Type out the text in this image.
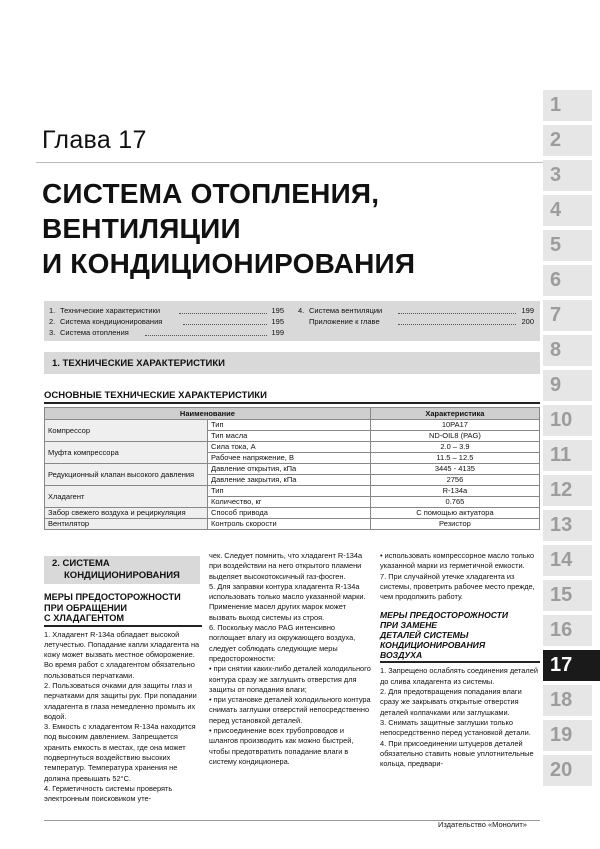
Глава 17
СИСТЕМА ОТОПЛЕНИЯ,
ВЕНТИЛЯЦИИ
И КОНДИЦИОНИРОВАНИЯ
1
2
3
4
5
6
7
8
9
10
11
12
13
14
15
16
17
18
19
20
1. Технические характеристики	195
2. Система кондиционирования	195
3. Система отопления	199
4. Система вентиляции	199
Приложение к главе	200
1. ТЕХНИЧЕСКИЕ ХАРАКТЕРИСТИКИ
ОСНОВНЫЕ ТЕХНИЧЕСКИЕ ХАРАКТЕРИСТИКИ
Наименование		Характеристика
Компрессор	Тип	10PA17
	Тип масла	ND-OIL8 (PAG)
Муфта компрессора	Сила тока, А	2.0 – 3.9
	Рабочее напряжение, В	11.5 – 12.5
Редукционный клапан высокого давления	Давление открытия, кПа	3445 - 4135
	Давление закрытия, кПа	2756
Хладагент	Тип	R-134a
	Количество, кг	0.765
Забор свежего воздуха и рециркуляция	Способ привода	С помощью актуатора
Вентилятор	Контроль скорости	Резистор
2. СИСТЕМА
КОНДИЦИОНИРОВАНИЯ
МЕРЫ ПРЕДОСТОРОЖНОСТИ
ПРИ ОБРАЩЕНИИ
С ХЛАДАГЕНТОМ

1. Хладагент R-134a обладает высокой летучестью. Попадание капли хладагента на кожу может вызвать местное обморожение. Во время работ с хладагентом обязательно пользоваться перчатками.

2. Пользоваться очками для защиты глаз и перчатками для защиты рук. При попадании хладагента в глаза немедленно промыть их водой.

3. Емкость с хладагентом R-134a находится под высоким давлением. Запрещается хранить емкость в местах, где она может подвергнуться воздействию высоких температур. Температура хранения не должна превышать 52°С.

4. Герметичность системы проверять электронным поисковиком уте-

чек. Следует помнить, что хладагент R-134a при воздействии на него открытого пламени выделяет высокотоксичный газ-фосген.

5. Для заправки контура хладагента R-134a использовать только масло указанной марки. Применение масел других марок может вызвать выход системы из строя.

6. Поскольку масло PAG интенсивно поглощает влагу из окружающего воздуха, следует соблюдать следующие меры предосторожности:

• при снятии каких-либо деталей холодильного контура сразу же заглушить отверстия для защиты от попадания влаги;

• при установке деталей холодильного контура снимать заглушки отверстий непосредственно перед установкой деталей.

• присоединение всех трубопроводов и шлангов производить как можно быстрей, чтобы предотвратить попадание влаги в систему кондиционера.

• использовать компрессорное масло только указанной марки из герметичной емкости.

7. При случайной утечке хладагента из системы, проветрить рабочее место прежде, чем продолжить работу.

МЕРЫ ПРЕДОСТОРОЖНОСТИ
ПРИ ЗАМЕНЕ
ДЕТАЛЕЙ СИСТЕМЫ
КОНДИЦИОНИРОВАНИЯ
ВОЗДУХА

1. Запрещено ослаблять соединения деталей до слива хладагента из системы.

2. Для предотвращения попадания влаги сразу же закрывать открытые отверстия деталей колпачками или заглушками.

3. Снимать защитные заглушки только непосредственно перед установкой детали.

4. При присоединении штуцеров деталей обязательно ставить новые уплотнительные кольца, предвари-

Издательство «Монолит»
